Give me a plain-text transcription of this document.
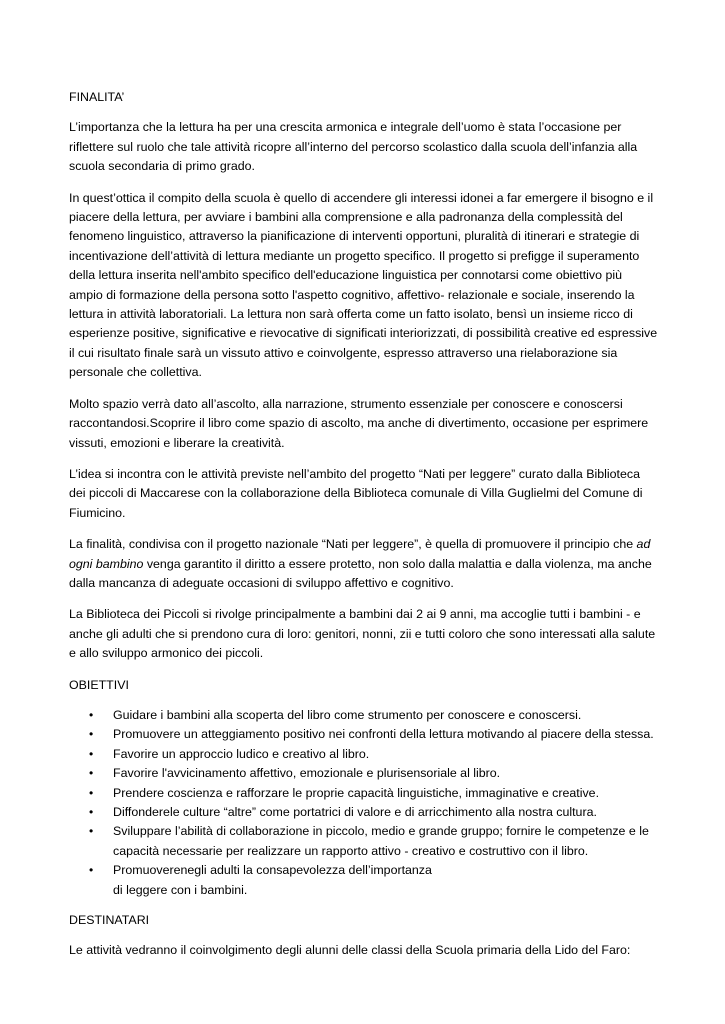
FINALITA’

L’importanza che la lettura ha per una crescita armonica e integrale dell’uomo è stata l’occasione per riflettere sul ruolo che tale attività ricopre all’interno del percorso scolastico dalla scuola dell’infanzia alla scuola secondaria di primo grado.

In quest’ottica il compito della scuola è quello di accendere gli interessi idonei a far emergere il bisogno e il piacere della lettura, per avviare i bambini alla comprensione e alla padronanza della complessità del fenomeno linguistico, attraverso la pianificazione di interventi opportuni, pluralità di itinerari e strategie di incentivazione dell’attività di lettura mediante un progetto specifico. Il progetto si prefigge il superamento della lettura inserita nell'ambito specifico dell'educazione linguistica per connotarsi come obiettivo più ampio di formazione della persona sotto l'aspetto cognitivo, affettivo- relazionale e sociale, inserendo la lettura in attività laboratoriali. La lettura non sarà offerta come un fatto isolato, bensì un insieme ricco di esperienze positive, significative e rievocative di significati interiorizzati, di possibilità creative ed espressive il cui risultato finale sarà un vissuto attivo e coinvolgente, espresso attraverso una rielaborazione sia personale che collettiva.

Molto spazio verrà dato all’ascolto, alla narrazione, strumento essenziale per conoscere e conoscersi raccontandosi.Scoprire il libro come spazio di ascolto, ma anche di divertimento, occasione per esprimere vissuti, emozioni e liberare la creatività.

L’idea si incontra con le attività previste nell’ambito del progetto “Nati per leggere” curato dalla Biblioteca dei piccoli di Maccarese con la collaborazione della Biblioteca comunale di Villa Guglielmi del Comune di Fiumicino.

La finalità, condivisa con il progetto nazionale “Nati per leggere”, è quella di promuovere il principio che ad ogni bambino venga garantito il diritto a essere protetto, non solo dalla malattia e dalla violenza, ma anche dalla mancanza di adeguate occasioni di sviluppo affettivo e cognitivo.

La Biblioteca dei Piccoli si rivolge principalmente a bambini dai 2 ai 9 anni, ma accoglie tutti i bambini - e anche gli adulti che si prendono cura di loro: genitori, nonni, zii e tutti coloro che sono interessati alla salute e allo sviluppo armonico dei piccoli.

OBIETTIVI

• Guidare i bambini alla scoperta del libro come strumento per conoscere e conoscersi.
• Promuovere un atteggiamento positivo nei confronti della lettura motivando al piacere della stessa.
• Favorire un approccio ludico e creativo al libro.
• Favorire l'avvicinamento affettivo, emozionale e plurisensoriale al libro.
• Prendere coscienza e rafforzare le proprie capacità linguistiche, immaginative e creative.
• Diffonderele culture “altre” come portatrici di valore e di arricchimento alla nostra cultura.
• Sviluppare l’abilità di collaborazione in piccolo, medio e grande gruppo; fornire le competenze e le capacità necessarie per realizzare un rapporto attivo - creativo e costruttivo con il libro.
• Promuoverenegli adulti la consapevolezza dell’importanza
di leggere con i bambini.

DESTINATARI

Le attività vedranno il coinvolgimento degli alunni delle classi della Scuola primaria della Lido del Faro:
